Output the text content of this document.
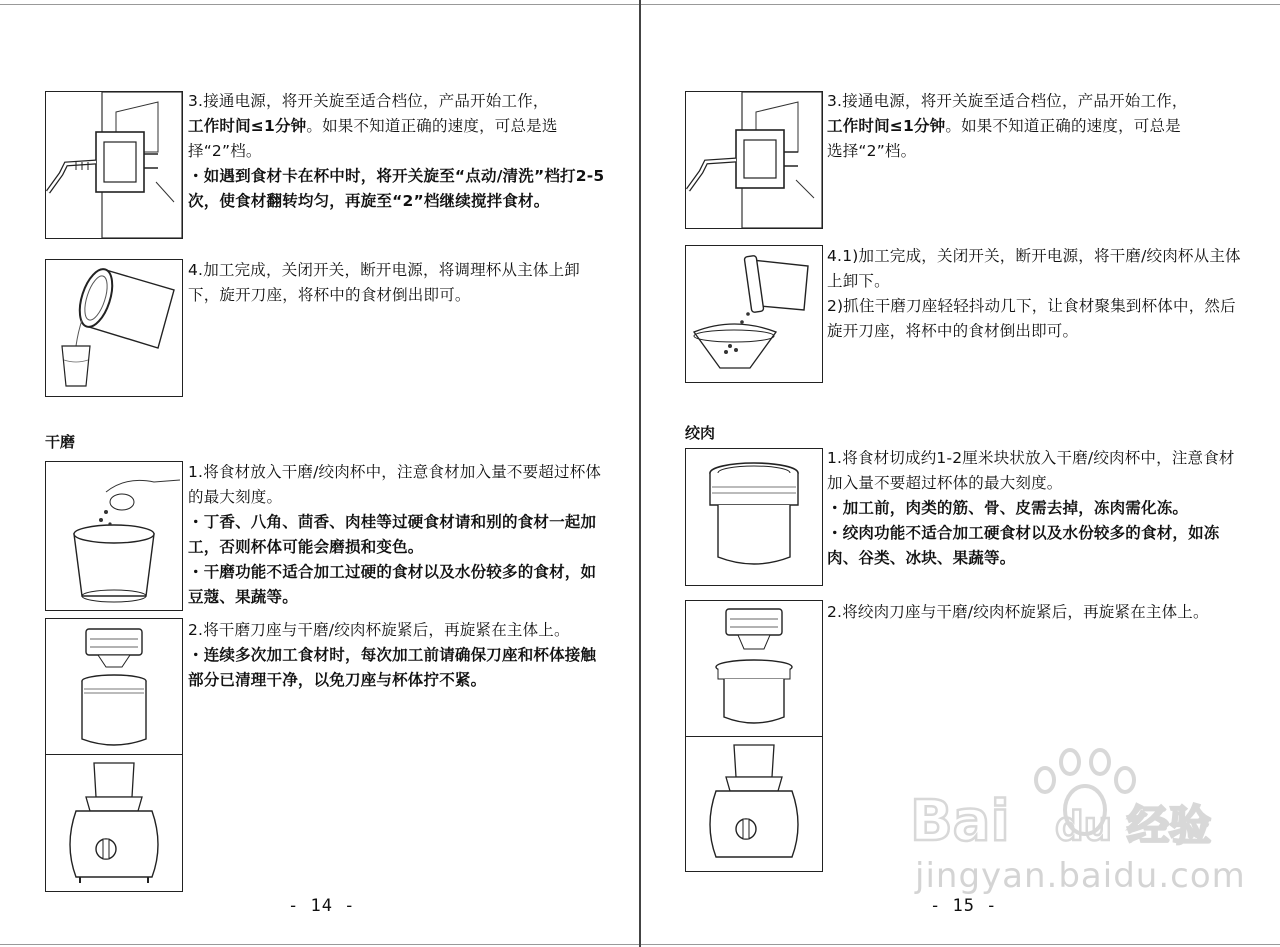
3.接通电源，将开关旋至适合档位，产品开始工作，

工作时间≤1分钟。如果不知道正确的速度，可总是选

择“2”档。

・如遇到食材卡在杯中时，将开关旋至“点动/清洗”档打2-5次，使食材翻转均匀，再旋至“2”档继续搅拌食材。

4.加工完成，关闭开关，断开电源，将调理杯从主体上卸下，旋开刀座，将杯中的食材倒出即可。

干磨

1.将食材放入干磨/绞肉杯中，注意食材加入量不要超过杯体的最大刻度。

・丁香、八角、茴香、肉桂等过硬食材请和别的食材一起加工，否则杯体可能会磨损和变色。

・干磨功能不适合加工过硬的食材以及水份较多的食材，如豆蔻、果蔬等。

2.将干磨刀座与干磨/绞肉杯旋紧后，再旋紧在主体上。

・连续多次加工食材时，每次加工前请确保刀座和杯体接触部分已清理干净，以免刀座与杯体拧不紧。

- 14 -

3.接通电源，将开关旋至适合档位，产品开始工作，

工作时间≤1分钟。如果不知道正确的速度，可总是

选择“2”档。

4.1)加工完成，关闭开关，断开电源，将干磨/绞肉杯从主体上卸下。

2)抓住干磨刀座轻轻抖动几下，让食材聚集到杯体中，然后旋开刀座，将杯中的食材倒出即可。

绞肉

1.将食材切成约1-2厘米块状放入干磨/绞肉杯中，注意食材加入量不要超过杯体的最大刻度。

・加工前，肉类的筋、骨、皮需去掉，冻肉需化冻。

・绞肉功能不适合加工硬食材以及水份较多的食材，如冻肉、谷类、冰块、果蔬等。

2.将绞肉刀座与干磨/绞肉杯旋紧后，再旋紧在主体上。

- 15 -
Bai du 经验
jingyan.baidu.com
